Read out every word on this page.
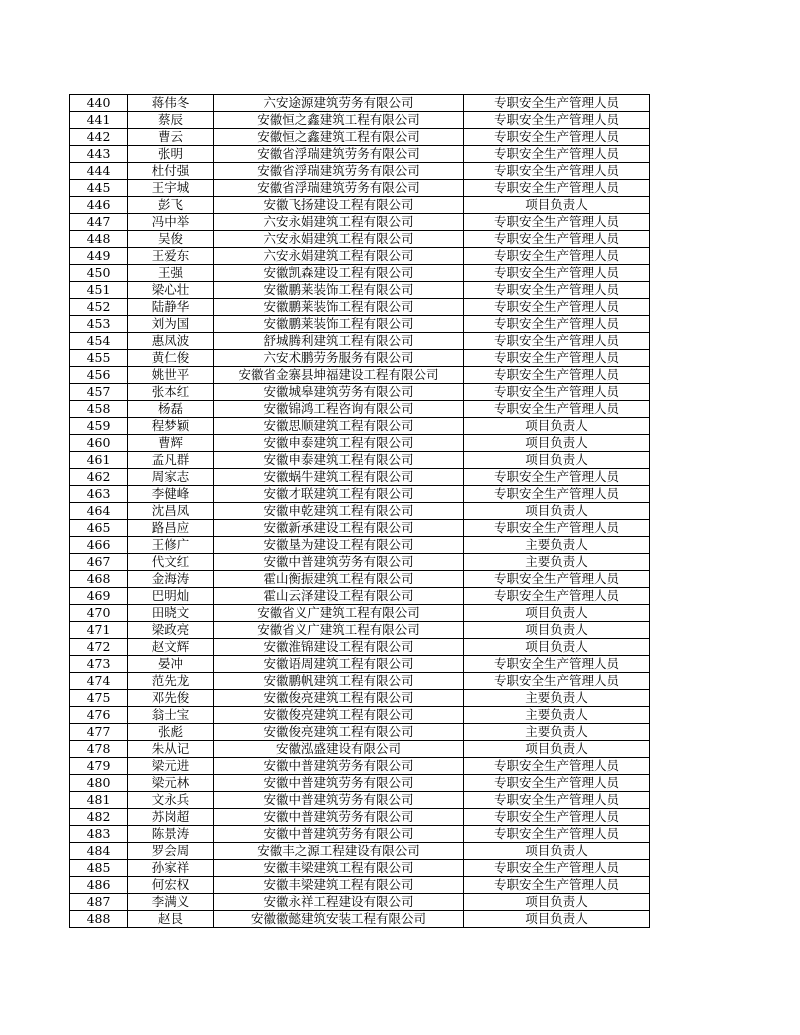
440	蒋伟冬	六安途源建筑劳务有限公司	专职安全生产管理人员
441	蔡辰	安徽恒之鑫建筑工程有限公司	专职安全生产管理人员
442	曹云	安徽恒之鑫建筑工程有限公司	专职安全生产管理人员
443	张明	安徽省浮瑞建筑劳务有限公司	专职安全生产管理人员
444	杜付强	安徽省浮瑞建筑劳务有限公司	专职安全生产管理人员
445	王宇城	安徽省浮瑞建筑劳务有限公司	专职安全生产管理人员
446	彭飞	安徽飞扬建设工程有限公司	项目负责人
447	冯中举	六安永娟建筑工程有限公司	专职安全生产管理人员
448	吴俊	六安永娟建筑工程有限公司	专职安全生产管理人员
449	王爱东	六安永娟建筑工程有限公司	专职安全生产管理人员
450	王强	安徽凯森建设工程有限公司	专职安全生产管理人员
451	梁心壮	安徽鹏莱装饰工程有限公司	专职安全生产管理人员
452	陆静华	安徽鹏莱装饰工程有限公司	专职安全生产管理人员
453	刘为国	安徽鹏莱装饰工程有限公司	专职安全生产管理人员
454	惠凤波	舒城腾利建筑工程有限公司	专职安全生产管理人员
455	黄仁俊	六安术鹏劳务服务有限公司	专职安全生产管理人员
456	姚世平	安徽省金寨县坤福建设工程有限公司	专职安全生产管理人员
457	张本红	安徽城皋建筑劳务有限公司	专职安全生产管理人员
458	杨磊	安徽锦鸿工程咨询有限公司	专职安全生产管理人员
459	程梦颖	安徽思顺建筑工程有限公司	项目负责人
460	曹辉	安徽申泰建筑工程有限公司	项目负责人
461	孟凡群	安徽申泰建筑工程有限公司	项目负责人
462	周家志	安徽蜗牛建筑工程有限公司	专职安全生产管理人员
463	李健峰	安徽才联建筑工程有限公司	专职安全生产管理人员
464	沈昌凤	安徽申乾建筑工程有限公司	项目负责人
465	路昌应	安徽新承建设工程有限公司	专职安全生产管理人员
466	王修广	安徽垦为建设工程有限公司	主要负责人
467	代文红	安徽中普建筑劳务有限公司	主要负责人
468	金海涛	霍山衡振建筑工程有限公司	专职安全生产管理人员
469	巴明灿	霍山云泽建设工程有限公司	专职安全生产管理人员
470	田晓文	安徽省义广建筑工程有限公司	项目负责人
471	梁政亮	安徽省义广建筑工程有限公司	项目负责人
472	赵文辉	安徽淮锦建设工程有限公司	项目负责人
473	晏冲	安徽语周建筑工程有限公司	专职安全生产管理人员
474	范先龙	安徽鹏帆建筑工程有限公司	专职安全生产管理人员
475	邓先俊	安徽俊亮建筑工程有限公司	主要负责人
476	翁士宝	安徽俊亮建筑工程有限公司	主要负责人
477	张彪	安徽俊亮建筑工程有限公司	主要负责人
478	朱从记	安徽泓盛建设有限公司	项目负责人
479	梁元进	安徽中普建筑劳务有限公司	专职安全生产管理人员
480	梁元林	安徽中普建筑劳务有限公司	专职安全生产管理人员
481	文永兵	安徽中普建筑劳务有限公司	专职安全生产管理人员
482	苏岗超	安徽中普建筑劳务有限公司	专职安全生产管理人员
483	陈景涛	安徽中普建筑劳务有限公司	专职安全生产管理人员
484	罗会周	安徽丰之源工程建设有限公司	项目负责人
485	孙家祥	安徽丰梁建筑工程有限公司	专职安全生产管理人员
486	何宏权	安徽丰梁建筑工程有限公司	专职安全生产管理人员
487	李满义	安徽永祥工程建设有限公司	项目负责人
488	赵艮	安徽徽懿建筑安装工程有限公司	项目负责人
